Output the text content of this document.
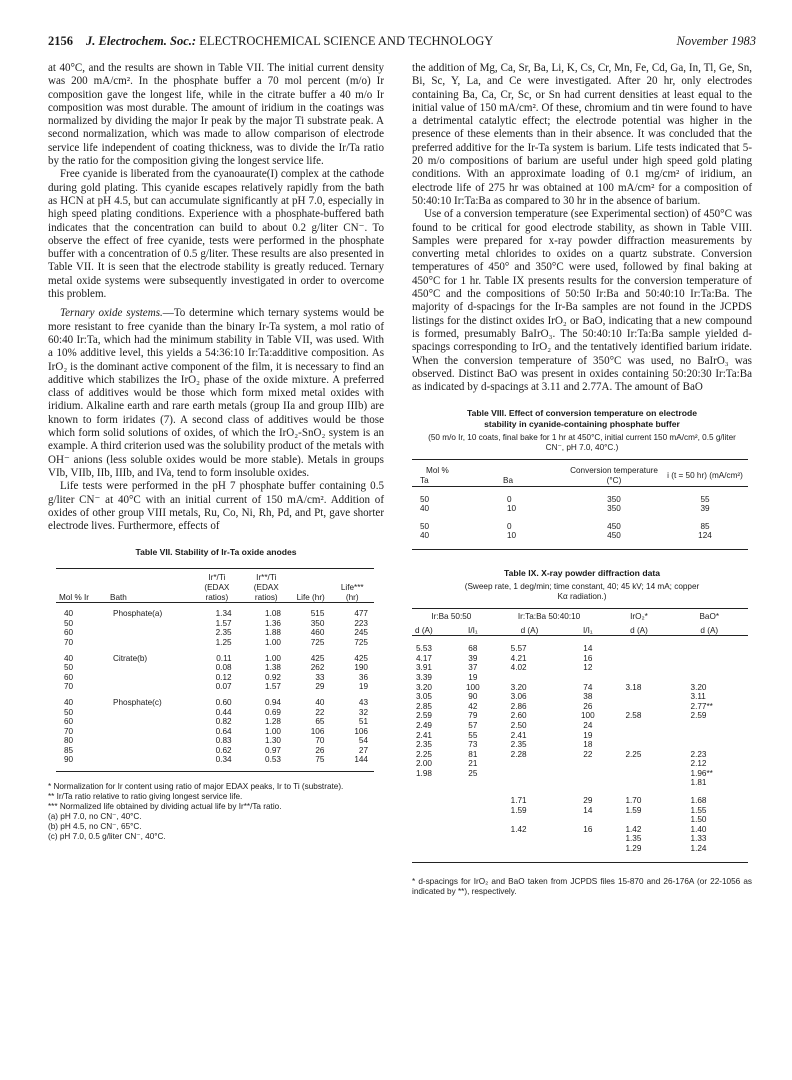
2156 J. Electrochem. Soc.: ELECTROCHEMICAL SCIENCE AND TECHNOLOGY	November 1983

at 40°C, and the results are shown in Table VII. The initial current density was 200 mA/cm². In the phosphate buffer a 70 mol percent (m/o) Ir composition gave the longest life, while in the citrate buffer a 40 m/o Ir composition was most durable. The amount of iridium in the coatings was normalized by dividing the major Ir peak by the major Ti substrate peak. A second normalization, which was made to allow comparison of electrode service life independent of coating thickness, was to divide the Ir/Ta ratio by the ratio for the composition giving the longest service life.

Free cyanide is liberated from the cyanoaurate(I) complex at the cathode during gold plating. This cyanide escapes relatively rapidly from the bath as HCN at pH 4.5, but can accumulate significantly at pH 7.0, especially in high speed plating conditions. Experience with a phosphate-buffered bath indicates that the concentration can build to about 0.2 g/liter CN⁻. To observe the effect of free cyanide, tests were performed in the phosphate buffer with a concentration of 0.5 g/liter. These results are also presented in Table VII. It is seen that the electrode stability is greatly reduced. Ternary metal oxide systems were subsequently investigated in order to overcome this problem.

Ternary oxide systems.—To determine which ternary systems would be more resistant to free cyanide than the binary Ir-Ta system, a mol ratio of 60:40 Ir:Ta, which had the minimum stability in Table VII, was used. With a 10% additive level, this yields a 54:36:10 Ir:Ta:additive composition. As IrO₂ is the dominant active component of the film, it is necessary to find an additive which stabilizes the IrO₂ phase of the oxide mixture. A preferred class of additives would be those which form mixed metal oxides with iridium. Alkaline earth and rare earth metals (group IIa and group IIIb) are known to form iridates (7). A second class of additives would be those which form solid solutions of oxides, of which the IrO₂-SnO₂ system is an example. A third criterion used was the solubility product of the metals with OH⁻ anions (less soluble oxides would be more stable). Metals in groups VIb, VIIb, IIb, IIIb, and IVa, tend to form insoluble oxides.

Life tests were performed in the pH 7 phosphate buffer containing 0.5 g/liter CN⁻ at 40°C with an initial current of 150 mA/cm². Addition of oxides of other group VIII metals, Ru, Co, Ni, Rh, Pd, and Pt, gave shorter electrode lives. Furthermore, effects of

Table VII. Stability of Ir-Ta oxide anodes

Mol % Ir	Bath	Ir*/Ti (EDAX ratios)	Ir**/Ti (EDAX ratios)	Life (hr)	Life*** (hr)

40	Phosphate(a)	1.34	1.08	515	477
50		1.57	1.36	350	223
60		2.35	1.88	460	245
70		1.25	1.00	725	725

40	Citrate(b)	0.11	1.00	425	425
50		0.08	1.38	262	190
60		0.12	0.92	33	36
70		0.07	1.57	29	19

40	Phosphate(c)	0.60	0.94	40	43
50		0.44	0.69	22	32
60		0.82	1.28	65	51
70		0.64	1.00	106	106
80		0.83	1.30	70	54
85		0.62	0.97	26	27
90		0.34	0.53	75	144

* Normalization for Ir content using ratio of major EDAX peaks, Ir to Ti (substrate).
** Ir/Ta ratio relative to ratio giving longest service life.
*** Normalized life obtained by dividing actual life by Ir**/Ta ratio.
(a) pH 7.0, no CN⁻, 40°C.
(b) pH 4.5, no CN⁻, 65°C.
(c) pH 7.0, 0.5 g/liter CN⁻, 40°C.

the addition of Mg, Ca, Sr, Ba, Li, K, Cs, Cr, Mn, Fe, Cd, Ga, In, Tl, Ge, Sn, Bi, Sc, Y, La, and Ce were investigated. After 20 hr, only electrodes containing Ba, Ca, Cr, Sc, or Sn had current densities at least equal to the initial value of 150 mA/cm². Of these, chromium and tin were found to have a detrimental catalytic effect; the electrode potential was higher in the presence of these elements than in their absence. It was concluded that the preferred additive for the Ir-Ta system is barium. Life tests indicated that 5-20 m/o compositions of barium are useful under high speed gold plating conditions. With an approximate loading of 0.1 mg/cm² of iridium, an electrode life of 275 hr was obtained at 100 mA/cm² for a composition of 50:40:10 Ir:Ta:Ba as compared to 30 hr in the absence of barium.

Use of a conversion temperature (see Experimental section) of 450°C was found to be critical for good electrode stability, as shown in Table VIII. Samples were prepared for x-ray powder diffraction measurements by converting metal chlorides to oxides on a quartz substrate. Conversion temperatures of 450° and 350°C were used, followed by final baking at 450°C for 1 hr. Table IX presents results for the conversion temperature of 450°C and the compositions of 50:50 Ir:Ba and 50:40:10 Ir:Ta:Ba. The majority of d-spacings for the Ir-Ba samples are not found in the JCPDS listings for the distinct oxides IrO₂ or BaO, indicating that a new compound is formed, presumably BaIrO₃. The 50:40:10 Ir:Ta:Ba sample yielded d-spacings corresponding to IrO₂ and the tentatively identified barium iridate. When the conversion temperature of 350°C was used, no BaIrO₃ was observed. Distinct BaO was present in oxides containing 50:20:30 Ir:Ta:Ba as indicated by d-spacings at 3.11 and 2.77A. The amount of BaO

Table VIII. Effect of conversion temperature on electrode stability in cyanide-containing phosphate buffer
(50 m/o Ir, 10 coats, final bake for 1 hr at 450°C, initial current 150 mA/cm², 0.5 g/liter CN⁻, pH 7.0, 40°C.)

Mol %		Conversion temperature (°C)	i (t = 50 hr) (mA/cm²)
Ta	Ba		

50	0	350	55
40	10	350	39

50	0	450	85
40	10	450	124

Table IX. X-ray powder diffraction data
(Sweep rate, 1 deg/min; time constant, 40; 45 kV; 14 mA; copper Kα radiation.)

Ir:Ba 50:50		Ir:Ta:Ba 50:40:10		IrO₂*	BaO*
d (A)	I/I₁	d (A)	I/I₁	d (A)	d (A)

5.53	68	5.57	14		
4.17	39	4.21	16		
3.91	37	4.02	12		
3.39	19				
3.20	100	3.20	74	3.18	3.20
3.05	90	3.06	38		3.11
2.85	42	2.86	26		2.77**
2.59	79	2.60	100	2.58	2.59
2.49	57	2.50	24		
2.41	55	2.41	19		
2.35	73	2.35	18		
2.25	81	2.28	22	2.25	2.23
2.00	21				2.12
1.98	25				1.96**
					1.81

		1.71	29	1.70	1.68
		1.59	14	1.59	1.55
					1.50
		1.42	16	1.42	1.40
				1.35	1.33
				1.29	1.24

* d-spacings for IrO₂ and BaO taken from JCPDS files 15-870 and 26-176A (or 22-1056 as indicated by **), respectively.
